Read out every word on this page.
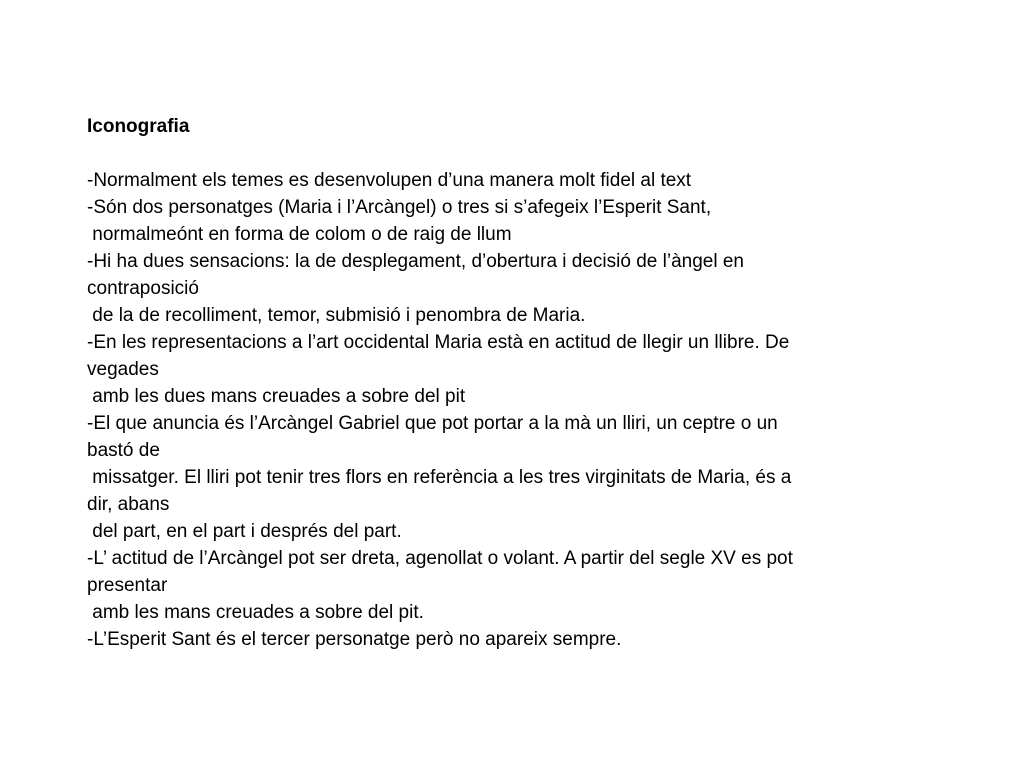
Iconografia
-Normalment els temes es desenvolupen d’una manera molt fidel al text
-Són dos personatges (Maria i l’Arcàngel) o tres si s’afegeix l’Esperit Sant,
normalmeónt en forma de colom o de raig de llum
-Hi ha dues sensacions: la de desplegament, d’obertura i decisió de l’àngel en
contraposició
de la de recolliment, temor, submisió i penombra de Maria.
-En les representacions a l’art occidental Maria està en actitud de llegir un llibre. De
vegades
amb les dues mans creuades a sobre del pit
-El que anuncia és l’Arcàngel Gabriel que pot portar a la mà un lliri, un ceptre o un
bastó de
missatger. El lliri pot tenir tres flors en referència a les tres virginitats de Maria, és a
dir, abans
del part, en el part i després del part.
-L’ actitud de l’Arcàngel pot ser dreta, agenollat o volant. A partir del segle XV es pot
presentar
amb les mans creuades a sobre del pit.
-L’Esperit Sant és el tercer personatge però no apareix sempre.
